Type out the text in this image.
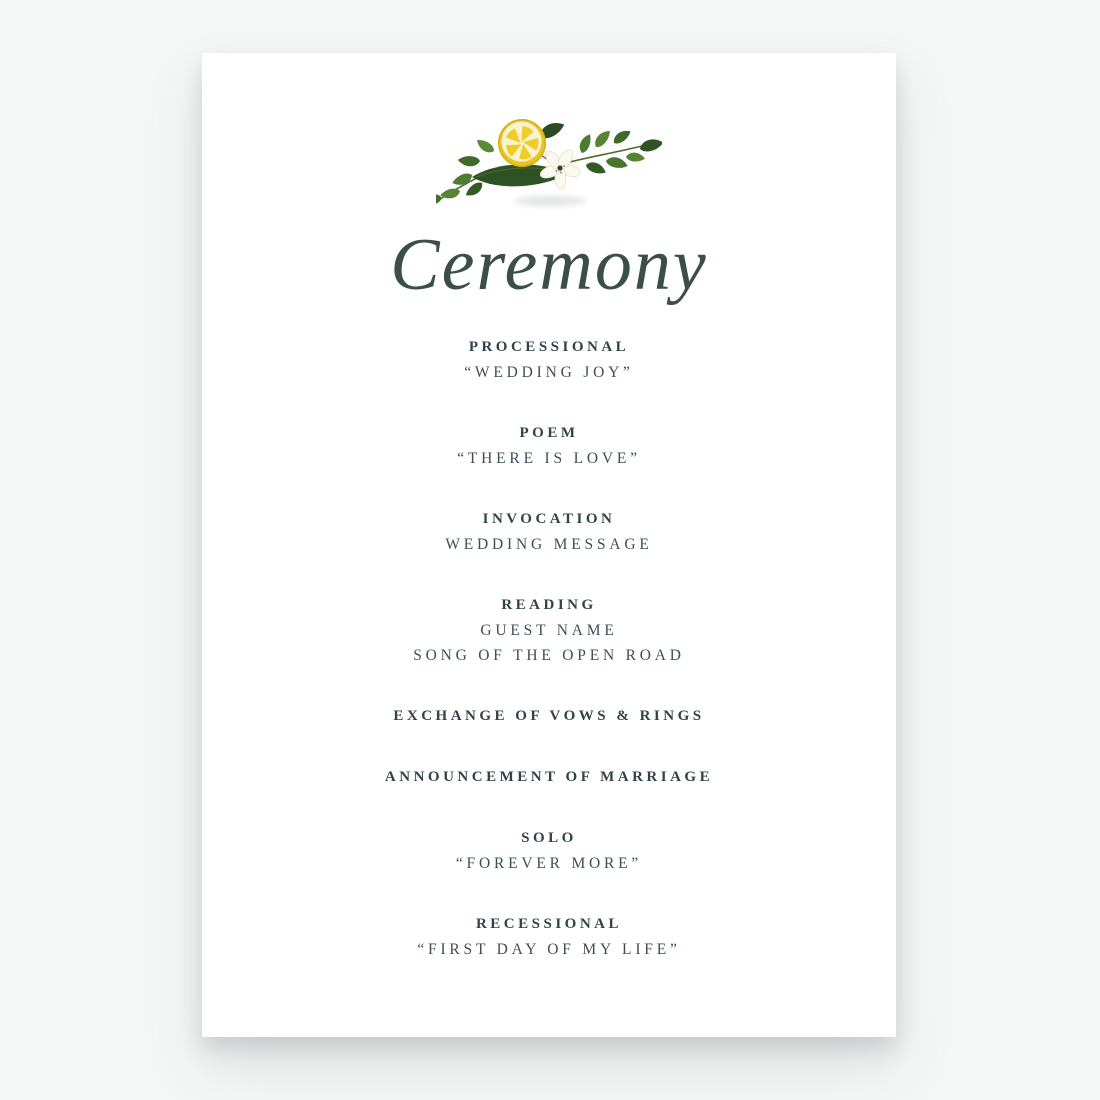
Ceremony
PROCESSIONAL
“WEDDING JOY”
POEM
“THERE IS LOVE”
INVOCATION
WEDDING MESSAGE
READING
GUEST NAME
SONG OF THE OPEN ROAD
EXCHANGE OF VOWS & RINGS
ANNOUNCEMENT OF MARRIAGE
SOLO
“FOREVER MORE”
RECESSIONAL
“FIRST DAY OF MY LIFE”
